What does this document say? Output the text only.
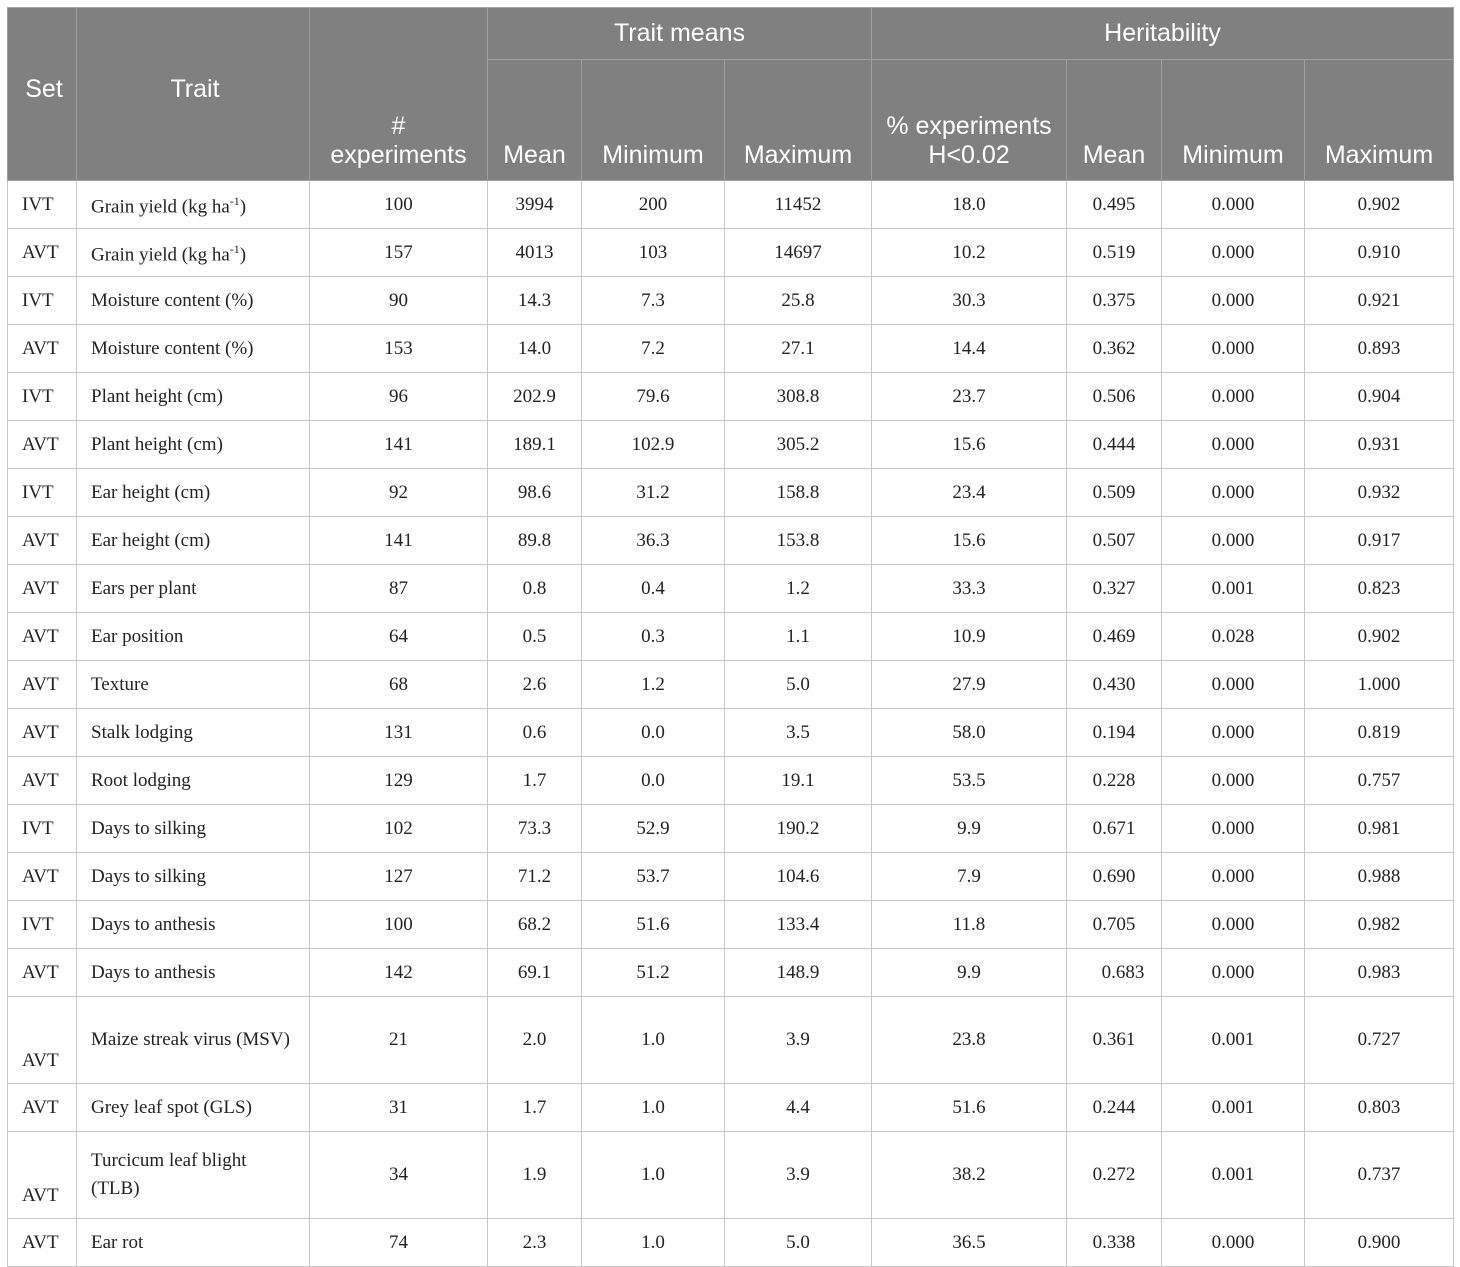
Set	Trait	# experiments	Trait means			Heritability			
			Mean	Minimum	Maximum	% experiments H<0.02	Mean	Minimum	Maximum
IVT	Grain yield (kg $ha^{-1}$)	100	3994	200	11452	18.0	0.495	0.000	0.902
AVT	Grain yield (kg $ha^{-1}$)	157	4013	103	14697	10.2	0.519	0.000	0.910
IVT	Moisture content (%)	90	14.3	7.3	25.8	30.3	0.375	0.000	0.921
AVT	Moisture content (%)	153	14.0	7.2	27.1	14.4	0.362	0.000	0.893
IVT	Plant height (cm)	96	202.9	79.6	308.8	23.7	0.506	0.000	0.904
AVT	Plant height (cm)	141	189.1	102.9	305.2	15.6	0.444	0.000	0.931
IVT	Ear height (cm)	92	98.6	31.2	158.8	23.4	0.509	0.000	0.932
AVT	Ear height (cm)	141	89.8	36.3	153.8	15.6	0.507	0.000	0.917
AVT	Ears per plant	87	0.8	0.4	1.2	33.3	0.327	0.001	0.823
AVT	Ear position	64	0.5	0.3	1.1	10.9	0.469	0.028	0.902
AVT	Texture	68	2.6	1.2	5.0	27.9	0.430	0.000	1.000
AVT	Stalk lodging	131	0.6	0.0	3.5	58.0	0.194	0.000	0.819
AVT	Root lodging	129	1.7	0.0	19.1	53.5	0.228	0.000	0.757
IVT	Days to silking	102	73.3	52.9	190.2	9.9	0.671	0.000	0.981
AVT	Days to silking	127	71.2	53.7	104.6	7.9	0.690	0.000	0.988
IVT	Days to anthesis	100	68.2	51.6	133.4	11.8	0.705	0.000	0.982
AVT	Days to anthesis	142	69.1	51.2	148.9	9.9	0.683	0.000	0.983
AVT	Maize streak virus (MSV)	21	2.0	1.0	3.9	23.8	0.361	0.001	0.727
AVT	Grey leaf spot (GLS)	31	1.7	1.0	4.4	51.6	0.244	0.001	0.803
AVT	Turcicum leaf blight (TLB)	34	1.9	1.0	3.9	38.2	0.272	0.001	0.737
AVT	Ear rot	74	2.3	1.0	5.0	36.5	0.338	0.000	0.900
